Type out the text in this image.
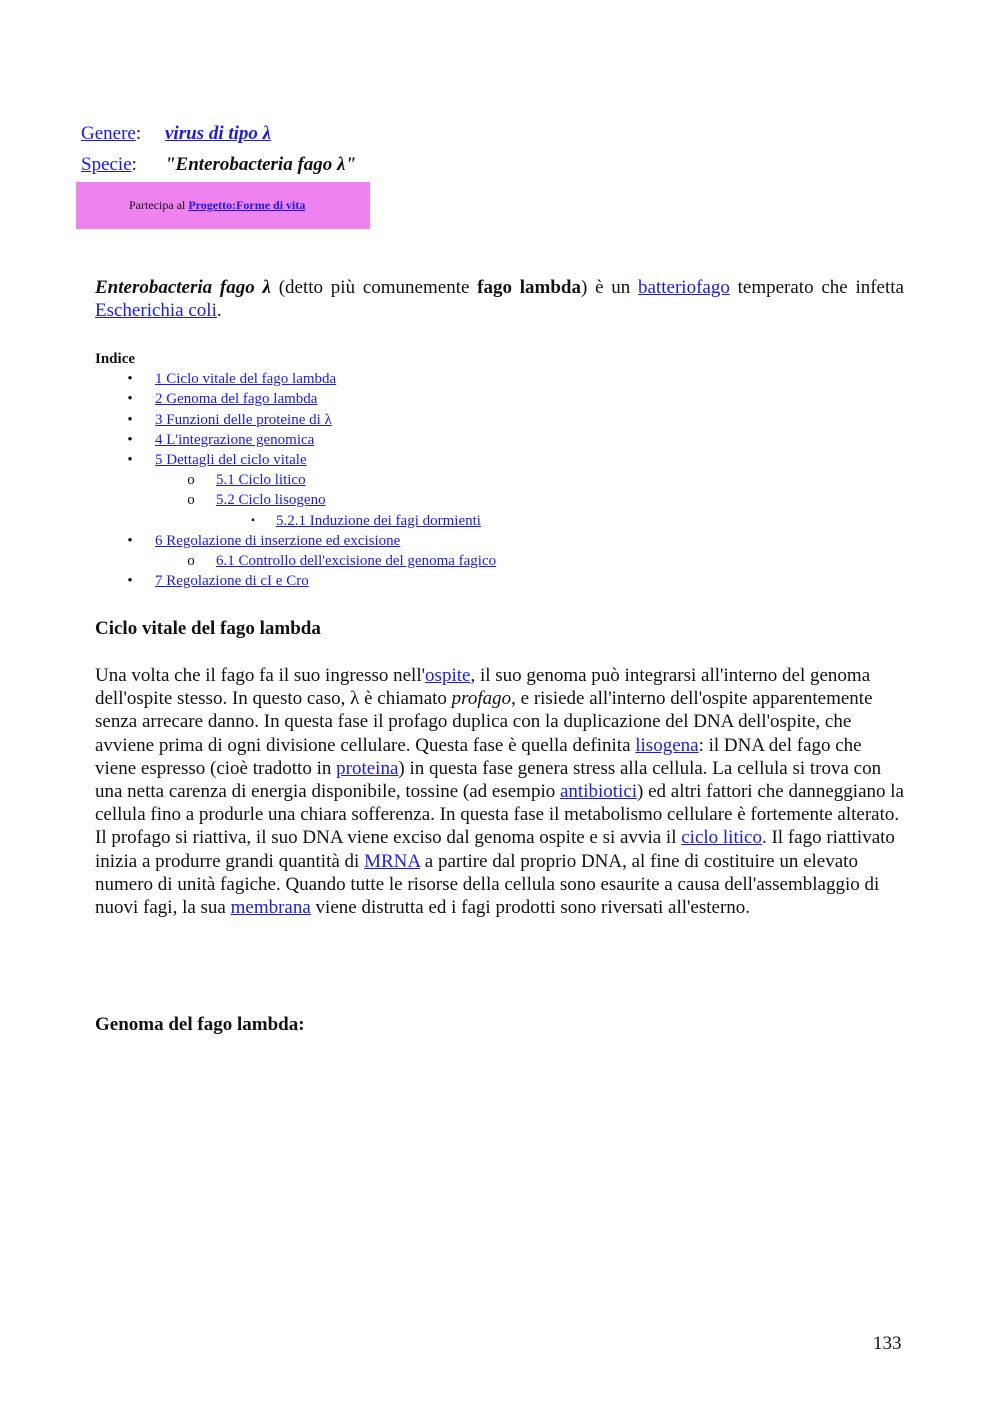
Genere: virus di tipo λ
Specie: "Enterobacteria fago λ"
Partecipa al Progetto:Forme di vita
Enterobacteria fago λ (detto più comunemente fago lambda) è un batteriofago temperato che infetta Escherichia coli.
Indice
• 1 Ciclo vitale del fago lambda
• 2 Genoma del fago lambda
• 3 Funzioni delle proteine di λ
• 4 L'integrazione genomica
• 5 Dettagli del ciclo vitale
o 5.1 Ciclo litico
o 5.2 Ciclo lisogeno
▪	5.2.1 Induzione dei fagi dormienti
• 6 Regolazione di inserzione ed excisione
o 6.1 Controllo dell'excisione del genoma fagico
• 7 Regolazione di cI e Cro
Ciclo vitale del fago lambda
Una volta che il fago fa il suo ingresso nell'ospite, il suo genoma può integrarsi all'interno del genoma dell'ospite stesso. In questo caso, λ è chiamato profago, e risiede all'interno dell'ospite apparentemente senza arrecare danno. In questa fase il profago duplica con la duplicazione del DNA dell'ospite, che avviene prima di ogni divisione cellulare. Questa fase è quella definita lisogena: il DNA del fago che viene espresso (cioè tradotto in proteina) in questa fase genera stress alla cellula. La cellula si trova con una netta carenza di energia disponibile, tossine (ad esempio antibiotici) ed altri fattori che danneggiano la cellula fino a produrle una chiara sofferenza. In questa fase il metabolismo cellulare è fortemente alterato. Il profago si riattiva, il suo DNA viene exciso dal genoma ospite e si avvia il ciclo litico. Il fago riattivato inizia a produrre grandi quantità di MRNA a partire dal proprio DNA, al fine di costituire un elevato numero di unità fagiche. Quando tutte le risorse della cellula sono esaurite a causa dell'assemblaggio di nuovi fagi, la sua membrana viene distrutta ed i fagi prodotti sono riversati all'esterno.
Genoma del fago lambda:
133
